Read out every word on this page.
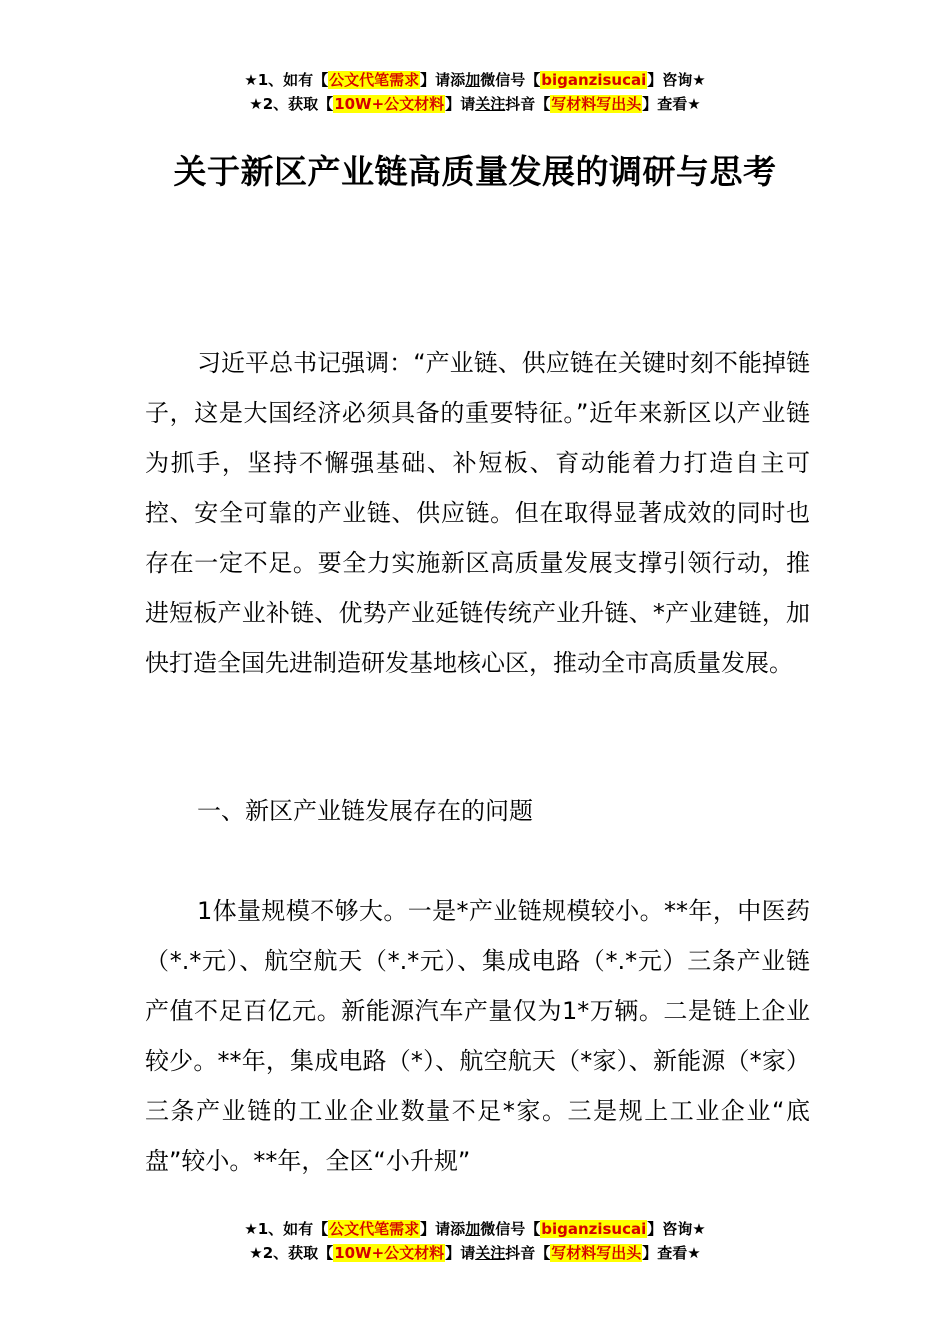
★1、如有【公文代笔需求】请添加微信号【biganzisucai】咨询★
★2、获取【10W+公文材料】请关注抖音【写材料写出头】查看★
关于新区产业链高质量发展的调研与思考

习近平总书记强调：“产业链、供应链在关键时刻不能掉链子，这是大国经济必须具备的重要特征。”近年来新区以产业链为抓手，坚持不懈强基础、补短板、育动能着力打造自主可控、安全可靠的产业链、供应链。但在取得显著成效的同时也存在一定不足。要全力实施新区高质量发展支撑引领行动，推进短板产业补链、优势产业延链传统产业升链、*产业建链，加快打造全国先进制造研发基地核心区，推动全市高质量发展。

一、新区产业链发展存在的问题

1体量规模不够大。一是*产业链规模较小。**年，中医药（*.*元）、航空航天（*.*元）、集成电路（*.*元）三条产业链产值不足百亿元。新能源汽车产量仅为1*万辆。二是链上企业较少。**年，集成电路（*）、航空航天（*家）、新能源（*家）三条产业链的工业企业数量不足*家。三是规上工业企业“底盘”较小。**年，全区“小升规”

★1、如有【公文代笔需求】请添加微信号【biganzisucai】咨询★
★2、获取【10W+公文材料】请关注抖音【写材料写出头】查看★
